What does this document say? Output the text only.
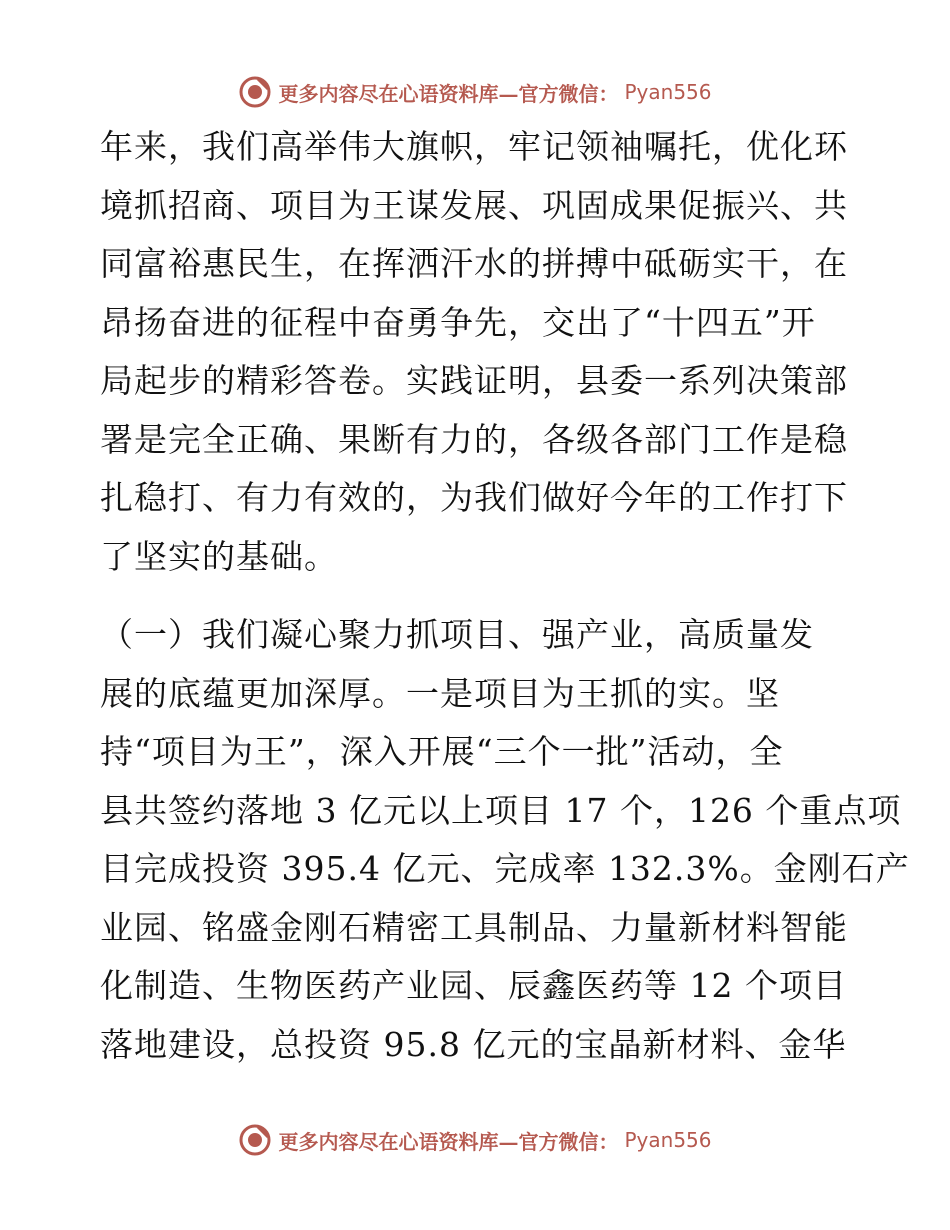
更多内容尽在心语资料库—官方微信： Pyan556
年来，我们高举伟大旗帜，牢记领袖嘱托，优化环
境抓招商、项目为王谋发展、巩固成果促振兴、共
同富裕惠民生，在挥洒汗水的拼搏中砥砺实干，在
昂扬奋进的征程中奋勇争先，交出了“十四五”开
局起步的精彩答卷。实践证明，县委一系列决策部
署是完全正确、果断有力的，各级各部门工作是稳
扎稳打、有力有效的，为我们做好今年的工作打下
了坚实的基础。
（一）我们凝心聚力抓项目、强产业，高质量发
展的底蕴更加深厚。一是项目为王抓的实。坚
持“项目为王”，深入开展“三个一批”活动，全
县共签约落地 3 亿元以上项目 17 个，126 个重点项
目完成投资 395.4 亿元、完成率 132.3%。金刚石产
业园、铭盛金刚石精密工具制品、力量新材料智能
化制造、生物医药产业园、辰鑫医药等 12 个项目
落地建设，总投资 95.8 亿元的宝晶新材料、金华
更多内容尽在心语资料库—官方微信： Pyan556
